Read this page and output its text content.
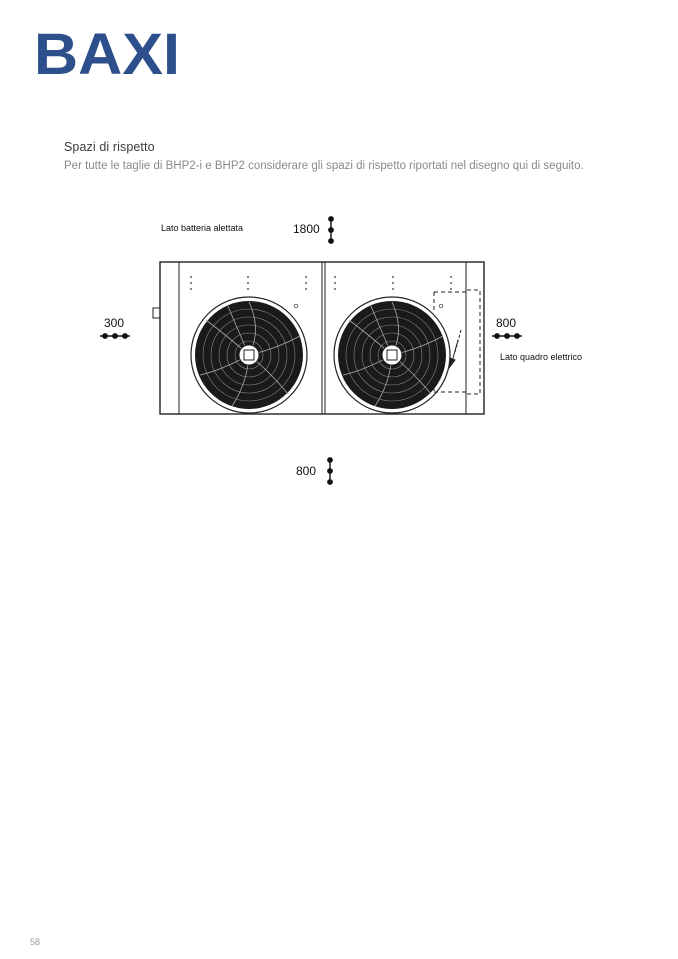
BAXI
Spazi di rispetto
Per tutte le taglie di BHP2-i e BHP2 considerare gli spazi di rispetto riportati nel disegno qui di seguito.
Lato batteria alettata	1800
300	800
Lato quadro elettrico
800
58
